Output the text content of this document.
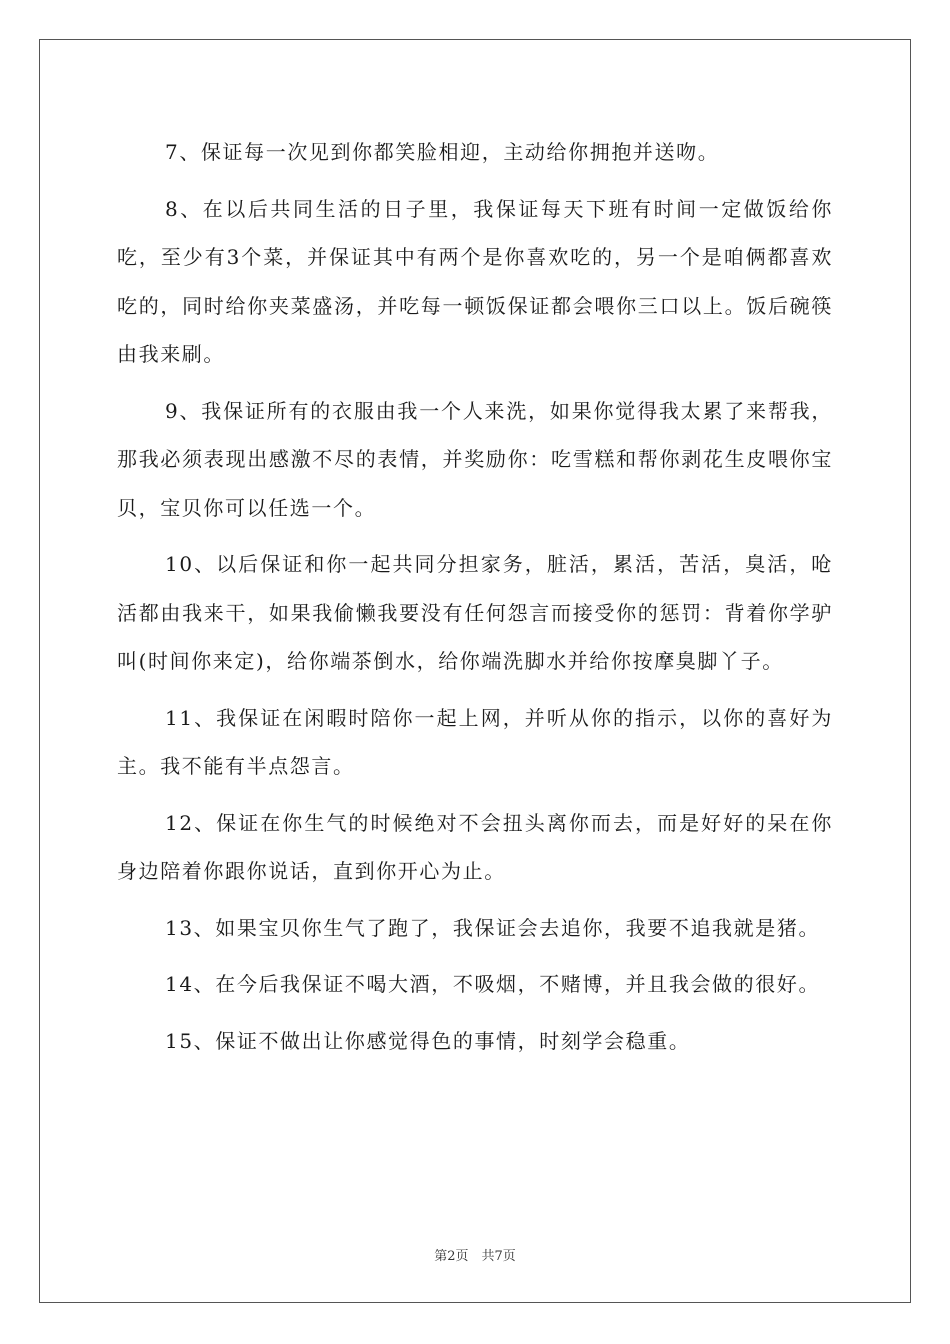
7、保证每一次见到你都笑脸相迎，主动给你拥抱并送吻。

8、在以后共同生活的日子里，我保证每天下班有时间一定做饭给你吃，至少有3个菜，并保证其中有两个是你喜欢吃的，另一个是咱俩都喜欢吃的，同时给你夹菜盛汤，并吃每一顿饭保证都会喂你三口以上。饭后碗筷由我来刷。

9、我保证所有的衣服由我一个人来洗，如果你觉得我太累了来帮我，那我必须表现出感激不尽的表情，并奖励你：吃雪糕和帮你剥花生皮喂你宝贝，宝贝你可以任选一个。

10、以后保证和你一起共同分担家务，脏活，累活，苦活，臭活，呛活都由我来干，如果我偷懒我要没有任何怨言而接受你的惩罚：背着你学驴叫(时间你来定)，给你端茶倒水，给你端洗脚水并给你按摩臭脚丫子。

11、我保证在闲暇时陪你一起上网，并听从你的指示，以你的喜好为主。我不能有半点怨言。

12、保证在你生气的时候绝对不会扭头离你而去，而是好好的呆在你身边陪着你跟你说话，直到你开心为止。

13、如果宝贝你生气了跑了，我保证会去追你，我要不追我就是猪。

14、在今后我保证不喝大酒，不吸烟，不赌博，并且我会做的很好。

15、保证不做出让你感觉得色的事情，时刻学会稳重。

第2页　共7页
